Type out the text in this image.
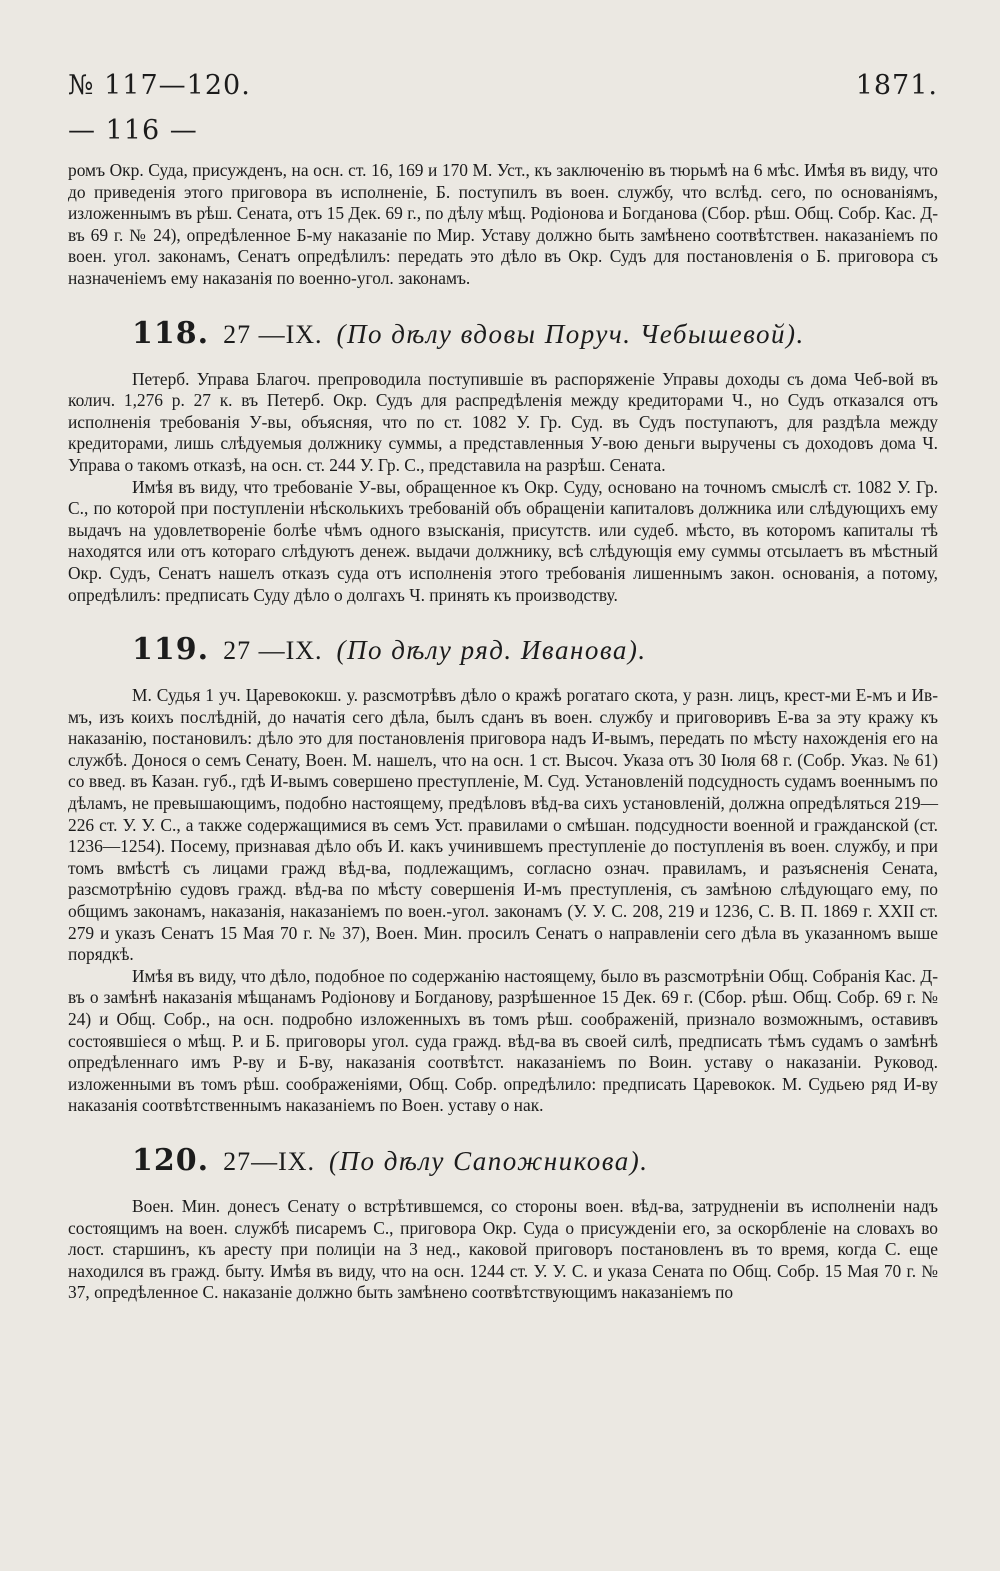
№ 117—120.	1871.
— 116 —

ромъ Окр. Суда, присужденъ, на осн. ст. 16, 169 и 170 М. Уст., къ заключенію въ тюрьмѣ на 6 мѣс. Имѣя въ виду, что до приведенія этого приговора въ исполненіе, Б. поступилъ въ воен. службу, что вслѣд. сего, по основаніямъ, изложеннымъ въ рѣш. Сената, отъ 15 Дек. 69 г., по дѣлу мѣщ. Родіонова и Богданова (Сбор. рѣш. Общ. Собр. Кас. Д-въ 69 г. № 24), опредѣленное Б-му наказаніе по Мир. Уставу должно быть замѣнено соотвѣтствен. наказаніемъ по воен. угол. законамъ, Сенатъ опредѣлилъ: передать это дѣло въ Окр. Судъ для постановленія о Б. приговора съ назначеніемъ ему наказанія по военно-угол. законамъ.

118. 27 —IX. (По дѣлу вдовы Поруч. Чебышевой).

Петерб. Управа Благоч. препроводила поступившіе въ распоряженіе Управы доходы съ дома Чеб-вой въ колич. 1,276 р. 27 к. въ Петерб. Окр. Судъ для распредѣленія между кредиторами Ч., но Судъ отказался отъ исполненія требованія У-вы, объясняя, что по ст. 1082 У. Гр. Суд. въ Судъ поступаютъ, для раздѣла между кредиторами, лишь слѣдуемыя должнику суммы, а представленныя У-вою деньги выручены съ доходовъ дома Ч. Управа о такомъ отказѣ, на осн. ст. 244 У. Гр. С., представила на разрѣш. Сената.

Имѣя въ виду, что требованіе У-вы, обращенное къ Окр. Суду, основано на точномъ смыслѣ ст. 1082 У. Гр. С., по которой при поступленіи нѣсколькихъ требованій объ обращеніи капиталовъ должника или слѣдующихъ ему выдачъ на удовлетвореніе болѣе чѣмъ одного взысканія, присутств. или судеб. мѣсто, въ которомъ капиталы тѣ находятся или отъ котораго слѣдуютъ денеж. выдачи должнику, всѣ слѣдующія ему суммы отсылаетъ въ мѣстный Окр. Судъ, Сенатъ нашелъ отказъ суда отъ исполненія этого требованія лишеннымъ закон. основанія, а потому, опредѣлилъ: предписать Суду дѣло о долгахъ Ч. принять къ производству.

119. 27 —IX. (По дѣлу ряд. Иванова).

М. Судья 1 уч. Царевококш. у. разсмотрѣвъ дѣло о кражѣ рогатаго скота, у разн. лицъ, крест-ми Е-мъ и Ив-мъ, изъ коихъ послѣдній, до начатія сего дѣла, былъ сданъ въ воен. службу и приговоривъ Е-ва за эту кражу къ наказанію, постановилъ: дѣло это для постановленія приговора надъ И-вымъ, передать по мѣсту нахожденія его на службѣ. Донося о семъ Сенату, Воен. М. нашелъ, что на осн. 1 ст. Высоч. Указа отъ 30 Іюля 68 г. (Собр. Указ. № 61) со введ. въ Казан. губ., гдѣ И-вымъ совершено преступленіе, М. Суд. Установленій подсудность судамъ военнымъ по дѣламъ, не превышающимъ, подобно настоящему, предѣловъ вѣд-ва сихъ установленій, должна опредѣляться 219—226 ст. У. У. С., а также содержащимися въ семъ Уст. правилами о смѣшан. подсудности военной и гражданской (ст. 1236—1254). Посему, признавая дѣло объ И. какъ учинившемъ преступленіе до поступленія въ воен. службу, и при томъ вмѣстѣ съ лицами гражд вѣд-ва, подлежащимъ, согласно означ. правиламъ, и разъясненія Сената, разсмотрѣнію судовъ гражд. вѣд-ва по мѣсту совершенія И-мъ преступленія, съ замѣною слѣдующаго ему, по общимъ законамъ, наказанія, наказаніемъ по воен.-угол. законамъ (У. У. С. 208, 219 и 1236, С. В. П. 1869 г. XXII ст. 279 и указъ Сенатъ 15 Мая 70 г. № 37), Воен. Мин. просилъ Сенатъ о направленіи сего дѣла въ указанномъ выше порядкѣ.

Имѣя въ виду, что дѣло, подобное по содержанію настоящему, было въ разсмотрѣніи Общ. Собранія Кас. Д-въ о замѣнѣ наказанія мѣщанамъ Родіонову и Богданову, разрѣшенное 15 Дек. 69 г. (Сбор. рѣш. Общ. Собр. 69 г. № 24) и Общ. Собр., на осн. подробно изложенныхъ въ томъ рѣш. соображеній, признало возможнымъ, оставивъ состоявшіеся о мѣщ. Р. и Б. приговоры угол. суда гражд. вѣд-ва въ своей силѣ, предписать тѣмъ судамъ о замѣнѣ опредѣленнаго имъ Р-ву и Б-ву, наказанія соотвѣтст. наказаніемъ по Воин. уставу о наказаніи. Руковод. изложенными въ томъ рѣш. соображеніями, Общ. Собр. опредѣлило: предписать Царевокок. М. Судьею ряд И-ву наказанія соотвѣтственнымъ наказаніемъ по Воен. уставу о нак.

120. 27—IX. (По дѣлу Сапожникова).

Воен. Мин. донесъ Сенату о встрѣтившемся, со стороны воен. вѣд-ва, затрудненіи въ исполненіи надъ состоящимъ на воен. службѣ писаремъ С., приговора Окр. Суда о присужденіи его, за оскорбленіе на словахъ во лост. старшинъ, къ аресту при полиціи на 3 нед., каковой приговоръ постановленъ въ то время, когда С. еще находился въ гражд. быту. Имѣя въ виду, что на осн. 1244 ст. У. У. С. и указа Сената по Общ. Собр. 15 Мая 70 г. № 37, опредѣленное С. наказаніе должно быть замѣнено соотвѣтствующимъ наказаніемъ по
